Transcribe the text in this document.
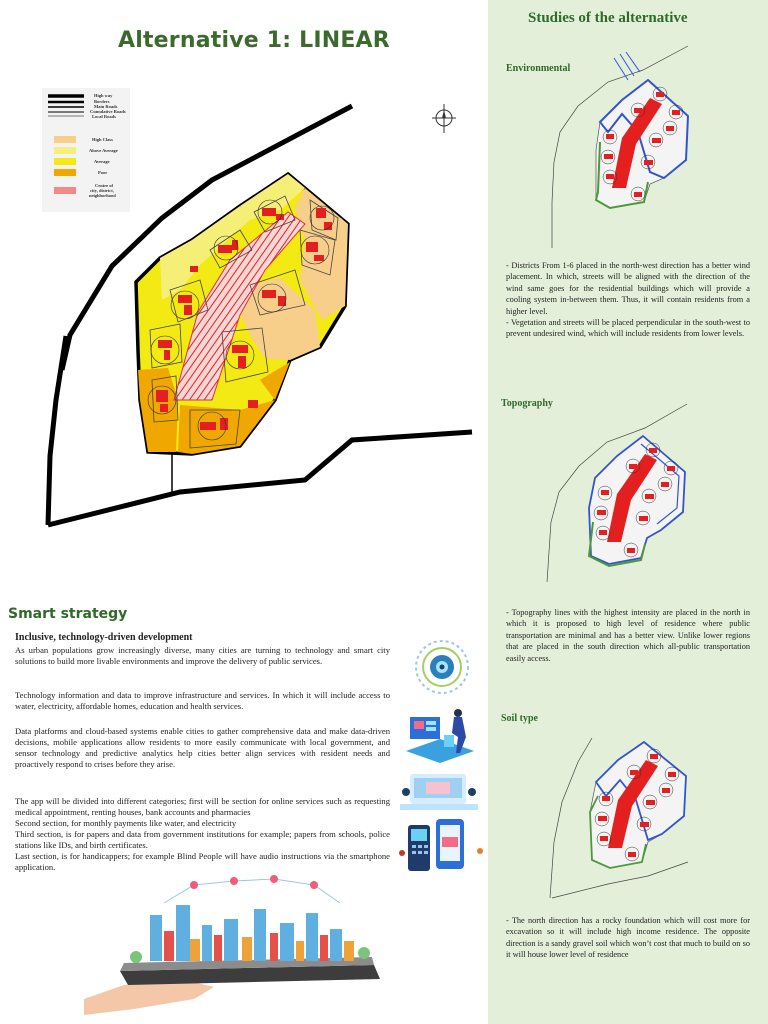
Alternative 1: LINEAR
Studies of the alternative
High way
Borders
Main Roads
Cumulative Roads
Local Roads
High Class
Above Average
Average
Poor
Centre of
city, district,
neighborhood
Environmental
- Districts From 1-6 placed in the north-west direction has a better wind placement. In which, streets will be aligned with the direction of the wind same goes for the residential buildings which will provide a cooling system in-between them. Thus, it will contain residents from a higher level.
- Vegetation and streets will be placed perpendicular in the south-west to prevent undesired wind, which will include residents from lower levels.
Topography
- Topography lines with the highest intensity are placed in the north in which it is proposed to high level of residence where public transportation are minimal and has a better view. Unlike lower regions that are placed in the south direction which all-public transportation easily access.
Soil type
- The north direction has a rocky foundation which will cost more for excavation so it will include high income residence. The opposite direction is a sandy gravel soil which won’t cost that much to build on so it will house lower level of residence
Smart strategy
Inclusive, technology-driven development
As urban populations grow increasingly diverse, many cities are turning to technology and smart city solutions to build more livable environments and improve the delivery of public services.
Technology information and data to improve infrastructure and services. In which it will include access to water, electricity, affordable homes, education and health services.
Data platforms and cloud-based systems enable cities to gather comprehensive data and make data-driven decisions, mobile applications allow residents to more easily communicate with local government, and sensor technology and predictive analytics help cities better align services with resident needs and proactively respond to crises before they arise.
The app will be divided into different categories; first will be section for online services such as requesting medical appointment, renting houses, bank accounts and pharmacies
Second section, for monthly payments like water, and electricity
Third section, is for papers and data from government institutions for example; papers from schools, police stations like IDs, and birth certificates.
Last section, is for handicappers; for example Blind People will have audio instructions via the smartphone application.
